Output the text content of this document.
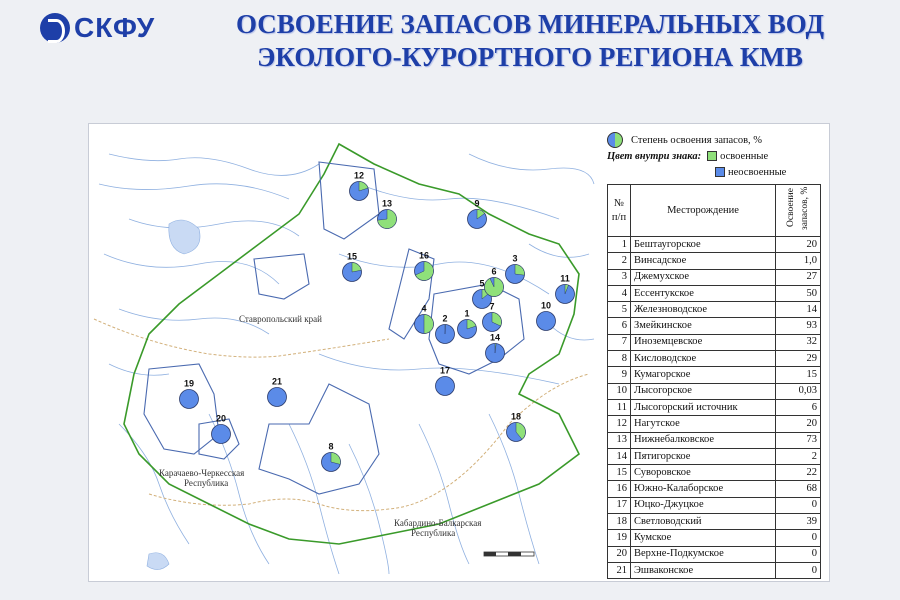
СКФУ	ОСВОЕНИЕ ЗАПАСОВ МИНЕРАЛЬНЫХ ВОД
ЭКОЛОГО-КУРОРТНОГО РЕГИОНА КМВ
Ставропольский край
Карачаево-Черкесская
Республика
Кабардино-Балкарская
Республика
1
2
3
4
5
6
7
8
9
10
11
12
13
14
15	16
17
18
19
20
21
Степень освоения запасов, %
Цвет внутри знака:	освоенные
неосвоенные
№ п/п	Месторождение	Освоение запасов, %
1	Бештаугорское	20
2	Винсадское	1,0
3	Джемухское	27
4	Ессентукское	50
5	Железноводское	14
6	Змейкинское	93
7	Иноземцевское	32
8	Кисловодское	29
9	Кумагорское	15
10	Лысогорское	0,03
11	Лысогорский источник	6
12	Нагутское	20
13	Нижнебалковское	73
14	Пятигорское	2
15	Суворовское	22
16	Южно-Калаборское	68
17	Юцко-Джуцкое	0
18	Светловодский	39
19	Кумское	0
20	Верхне-Подкумское	0
21	Эшваконское	0
